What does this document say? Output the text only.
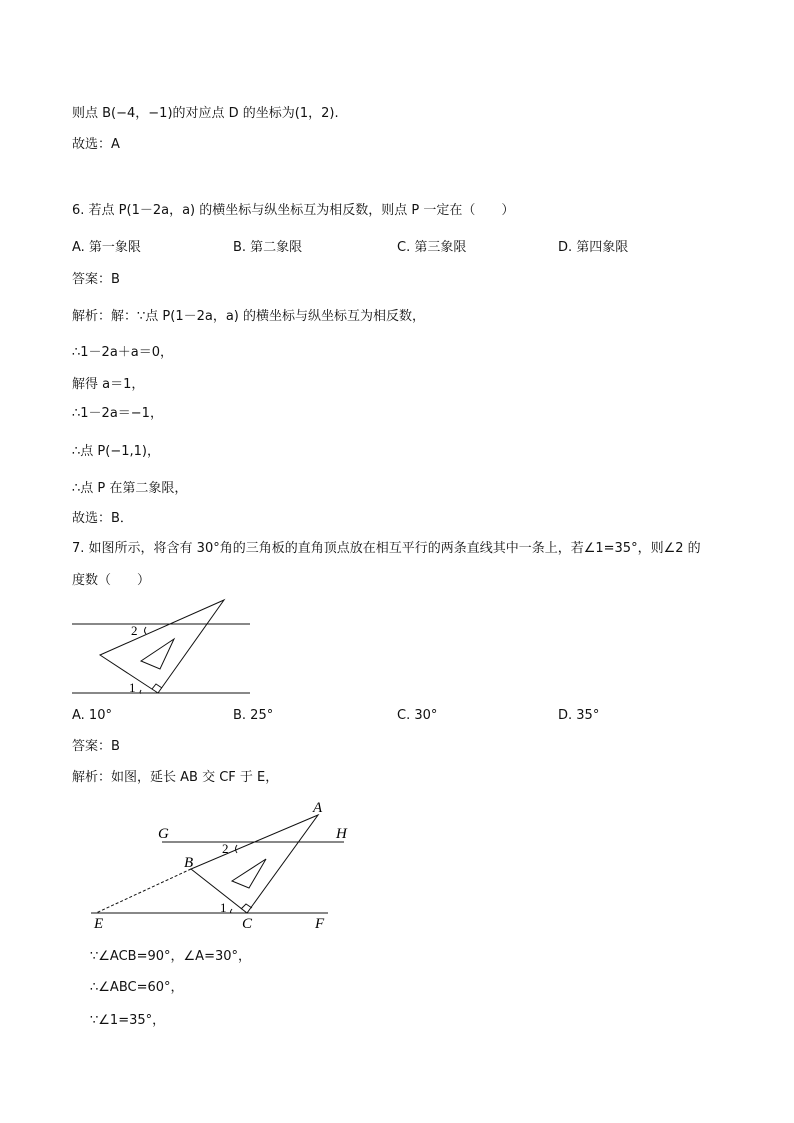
则点 B(−4，−1)的对应点 D 的坐标为(1，2).
故选：A
6. 若点 P(1－2a，a) 的横坐标与纵坐标互为相反数，则点 P 一定在（　　）
A. 第一象限	B. 第二象限	C. 第三象限	D. 第四象限
答案：B
解析：解：∵点 P(1－2a，a) 的横坐标与纵坐标互为相反数，
∴1－2a＋a＝0，
解得 a＝1，
∴1－2a＝−1，
∴点 P(−1,1)，
∴点 P 在第二象限，
故选：B．
7. 如图所示，将含有 30°角的三角板的直角顶点放在相互平行的两条直线其中一条上，若∠1=35°，则∠2 的
度数（　　）
2
1
A. 10°	B. 25°	C. 30°	D. 35°
答案：B
解析：如图，延长 AB 交 CF 于 E，
A
G	H
B
E	C	F
2
1
∵∠ACB=90°，∠A=30°，
∴∠ABC=60°，
∵∠1=35°，
